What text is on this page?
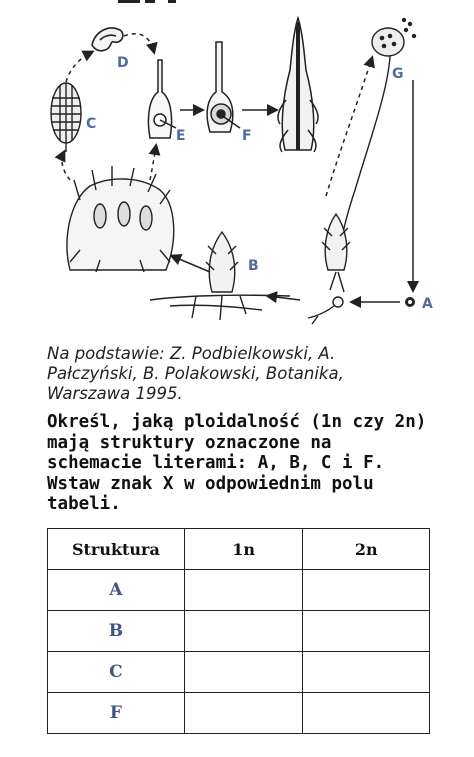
D
C
E	F
G
A
B
Na podstawie: Z. Podbielkowski, A.
Pałczyński, B. Polakowski, Botanika,
Warszawa 1995.
Określ, jaką ploidalność (1n czy 2n)
mają struktury oznaczone na
schemacie literami: A, B, C i F.
Wstaw znak X w odpowiednim polu
tabeli.
Struktura	1n	2n
A		
B		
C		
F		
